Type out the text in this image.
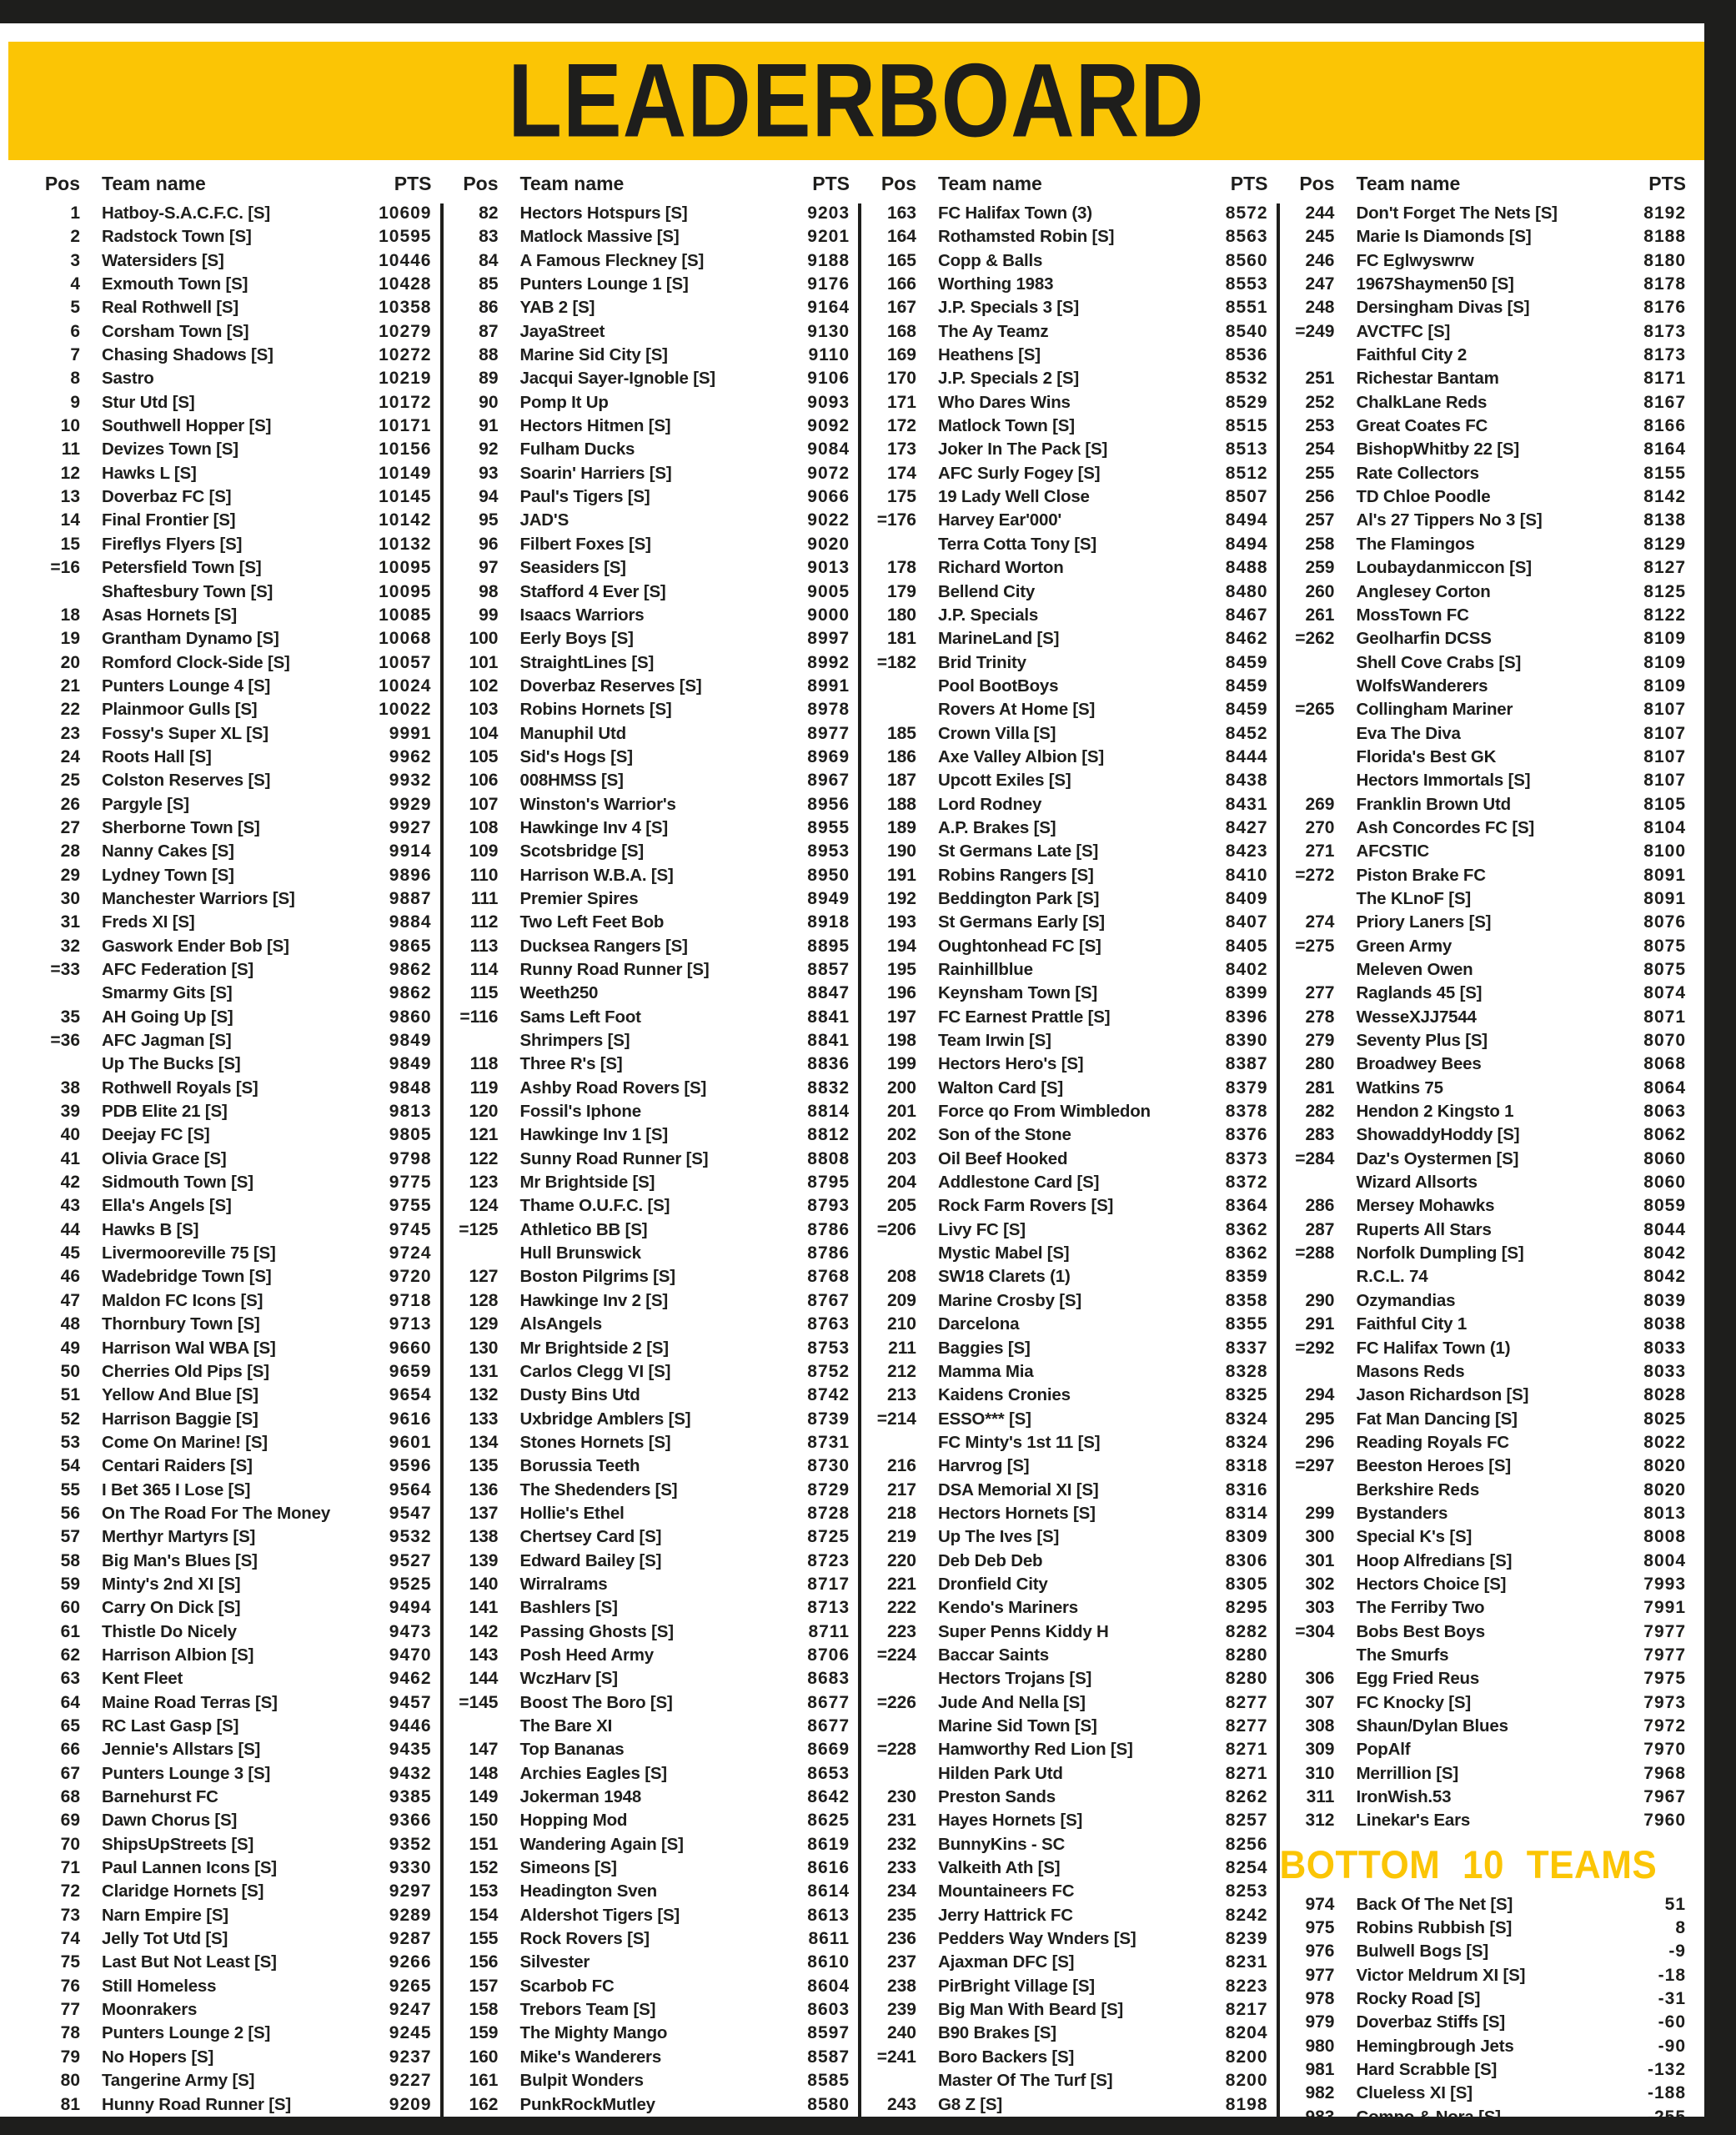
LEADERBOARD
Pos	Team name	PTS
1	Hatboy-S.A.C.F.C. [S]	10609
2	Radstock Town [S]	10595
3	Watersiders [S]	10446
4	Exmouth Town [S]	10428
5	Real Rothwell [S]	10358
6	Corsham Town [S]	10279
7	Chasing Shadows [S]	10272
8	Sastro	10219
9	Stur Utd [S]	10172
10	Southwell Hopper [S]	10171
11	Devizes Town [S]	10156
12	Hawks L [S]	10149
13	Doverbaz FC [S]	10145
14	Final Frontier [S]	10142
15	Fireflys Flyers [S]	10132
=16	Petersfield Town [S]	10095
Shaftesbury Town [S]	10095
18	Asas Hornets [S]	10085
19	Grantham Dynamo [S]	10068
20	Romford Clock-Side [S]	10057
21	Punters Lounge 4 [S]	10024
22	Plainmoor Gulls [S]	10022
23	Fossy's Super XL [S]	9991
24	Roots Hall [S]	9962
25	Colston Reserves [S]	9932
26	Pargyle [S]	9929
27	Sherborne Town [S]	9927
28	Nanny Cakes [S]	9914
29	Lydney Town [S]	9896
30	Manchester Warriors [S]	9887
31	Freds XI [S]	9884
32	Gaswork Ender Bob [S]	9865
=33	AFC Federation [S]	9862
Smarmy Gits [S]	9862
35	AH Going Up [S]	9860
=36	AFC Jagman [S]	9849
Up The Bucks [S]	9849
38	Rothwell Royals [S]	9848
39	PDB Elite 21 [S]	9813
40	Deejay FC [S]	9805
41	Olivia Grace [S]	9798
42	Sidmouth Town [S]	9775
43	Ella's Angels [S]	9755
44	Hawks B [S]	9745
45	Livermooreville 75 [S]	9724
46	Wadebridge Town [S]	9720
47	Maldon FC Icons [S]	9718
48	Thornbury Town [S]	9713
49	Harrison Wal WBA [S]	9660
50	Cherries Old Pips [S]	9659
51	Yellow And Blue [S]	9654
52	Harrison Baggie [S]	9616
53	Come On Marine! [S]	9601
54	Centari Raiders [S]	9596
55	I Bet 365 I Lose [S]	9564
56	On The Road For The Money	9547
57	Merthyr Martyrs [S]	9532
58	Big Man's Blues [S]	9527
59	Minty's 2nd XI [S]	9525
60	Carry On Dick [S]	9494
61	Thistle Do Nicely	9473
62	Harrison Albion [S]	9470
63	Kent Fleet	9462
64	Maine Road Terras [S]	9457
65	RC Last Gasp [S]	9446
66	Jennie's Allstars [S]	9435
67	Punters Lounge 3 [S]	9432
68	Barnehurst FC	9385
69	Dawn Chorus [S]	9366
70	ShipsUpStreets [S]	9352
71	Paul Lannen Icons [S]	9330
72	Claridge Hornets [S]	9297
73	Narn Empire [S]	9289
74	Jelly Tot Utd [S]	9287
75	Last But Not Least [S]	9266
76	Still Homeless	9265
77	Moonrakers	9247
78	Punters Lounge 2 [S]	9245
79	No Hopers [S]	9237
80	Tangerine Army [S]	9227
81	Hunny Road Runner [S]	9209
Pos	Team name	PTS
82	Hectors Hotspurs [S]	9203
83	Matlock Massive [S]	9201
84	A Famous Fleckney [S]	9188
85	Punters Lounge 1 [S]	9176
86	YAB 2 [S]	9164
87	JayaStreet	9130
88	Marine Sid City [S]	9110
89	Jacqui Sayer-Ignoble [S]	9106
90	Pomp It Up	9093
91	Hectors Hitmen [S]	9092
92	Fulham Ducks	9084
93	Soarin' Harriers [S]	9072
94	Paul's Tigers [S]	9066
95	JAD'S	9022
96	Filbert Foxes [S]	9020
97	Seasiders [S]	9013
98	Stafford 4 Ever [S]	9005
99	Isaacs Warriors	9000
100	Eerly Boys [S]	8997
101	StraightLines [S]	8992
102	Doverbaz Reserves [S]	8991
103	Robins Hornets [S]	8978
104	Manuphil Utd	8977
105	Sid's Hogs [S]	8969
106	008HMSS [S]	8967
107	Winston's Warrior's	8956
108	Hawkinge Inv 4 [S]	8955
109	Scotsbridge [S]	8953
110	Harrison W.B.A. [S]	8950
111	Premier Spires	8949
112	Two Left Feet Bob	8918
113	Ducksea Rangers [S]	8895
114	Runny Road Runner [S]	8857
115	Weeth250	8847
=116	Sams Left Foot	8841
Shrimpers [S]	8841
118	Three R's [S]	8836
119	Ashby Road Rovers [S]	8832
120	Fossil's Iphone	8814
121	Hawkinge Inv 1 [S]	8812
122	Sunny Road Runner [S]	8808
123	Mr Brightside [S]	8795
124	Thame O.U.F.C. [S]	8793
=125	Athletico BB [S]	8786
Hull Brunswick	8786
127	Boston Pilgrims [S]	8768
128	Hawkinge Inv 2 [S]	8767
129	AlsAngels	8763
130	Mr Brightside 2 [S]	8753
131	Carlos Clegg VI [S]	8752
132	Dusty Bins Utd	8742
133	Uxbridge Amblers [S]	8739
134	Stones Hornets [S]	8731
135	Borussia Teeth	8730
136	The Shedenders [S]	8729
137	Hollie's Ethel	8728
138	Chertsey Card [S]	8725
139	Edward Bailey [S]	8723
140	Wirralrams	8717
141	Bashlers [S]	8713
142	Passing Ghosts [S]	8711
143	Posh Heed Army	8706
144	WczHarv [S]	8683
=145	Boost The Boro [S]	8677
The Bare XI	8677
147	Top Bananas	8669
148	Archies Eagles [S]	8653
149	Jokerman 1948	8642
150	Hopping Mod	8625
151	Wandering Again [S]	8619
152	Simeons [S]	8616
153	Headington Sven	8614
154	Aldershot Tigers [S]	8613
155	Rock Rovers [S]	8611
156	Silvester	8610
157	Scarbob FC	8604
158	Trebors Team [S]	8603
159	The Mighty Mango	8597
160	Mike's Wanderers	8587
161	Bulpit Wonders	8585
162	PunkRockMutley	8580
Pos	Team name	PTS
163	FC Halifax Town (3)	8572
164	Rothamsted Robin [S]	8563
165	Copp & Balls	8560
166	Worthing 1983	8553
167	J.P. Specials 3 [S]	8551
168	The Ay Teamz	8540
169	Heathens [S]	8536
170	J.P. Specials 2 [S]	8532
171	Who Dares Wins	8529
172	Matlock Town [S]	8515
173	Joker In The Pack [S]	8513
174	AFC Surly Fogey [S]	8512
175	19 Lady Well Close	8507
=176	Harvey Ear'000'	8494
Terra Cotta Tony [S]	8494
178	Richard Worton	8488
179	Bellend City	8480
180	J.P. Specials	8467
181	MarineLand [S]	8462
=182	Brid Trinity	8459
Pool BootBoys	8459
Rovers At Home [S]	8459
185	Crown Villa [S]	8452
186	Axe Valley Albion [S]	8444
187	Upcott Exiles [S]	8438
188	Lord Rodney	8431
189	A.P. Brakes [S]	8427
190	St Germans Late [S]	8423
191	Robins Rangers [S]	8410
192	Beddington Park [S]	8409
193	St Germans Early [S]	8407
194	Oughtonhead FC [S]	8405
195	Rainhillblue	8402
196	Keynsham Town [S]	8399
197	FC Earnest Prattle [S]	8396
198	Team Irwin [S]	8390
199	Hectors Hero's [S]	8387
200	Walton Card [S]	8379
201	Force qo From Wimbledon	8378
202	Son of the Stone	8376
203	Oil Beef Hooked	8373
204	Addlestone Card [S]	8372
205	Rock Farm Rovers [S]	8364
=206	Livy FC [S]	8362
Mystic Mabel [S]	8362
208	SW18 Clarets (1)	8359
209	Marine Crosby [S]	8358
210	Darcelona	8355
211	Baggies [S]	8337
212	Mamma Mia	8328
213	Kaidens Cronies	8325
=214	ESSO*** [S]	8324
FC Minty's 1st 11 [S]	8324
216	Harvrog [S]	8318
217	DSA Memorial XI [S]	8316
218	Hectors Hornets [S]	8314
219	Up The Ives [S]	8309
220	Deb Deb Deb	8306
221	Dronfield City	8305
222	Kendo's Mariners	8295
223	Super Penns Kiddy H	8282
=224	Baccar Saints	8280
Hectors Trojans [S]	8280
=226	Jude And Nella [S]	8277
Marine Sid Town [S]	8277
=228	Hamworthy Red Lion [S]	8271
Hilden Park Utd	8271
230	Preston Sands	8262
231	Hayes Hornets [S]	8257
232	BunnyKins - SC	8256
233	Valkeith Ath [S]	8254
234	Mountaineers FC	8253
235	Jerry Hattrick FC	8242
236	Pedders Way Wnders [S]	8239
237	Ajaxman DFC [S]	8231
238	PirBright Village [S]	8223
239	Big Man With Beard [S]	8217
240	B90 Brakes [S]	8204
=241	Boro Backers [S]	8200
Master Of The Turf [S]	8200
243	G8 Z [S]	8198
Pos	Team name	PTS
244	Don't Forget The Nets [S]	8192
245	Marie Is Diamonds [S]	8188
246	FC Eglwyswrw	8180
247	1967Shaymen50 [S]	8178
248	Dersingham Divas [S]	8176
=249	AVCTFC [S]	8173
Faithful City 2	8173
251	Richestar Bantam	8171
252	ChalkLane Reds	8167
253	Great Coates FC	8166
254	BishopWhitby 22 [S]	8164
255	Rate Collectors	8155
256	TD Chloe Poodle	8142
257	Al's 27 Tippers No 3 [S]	8138
258	The Flamingos	8129
259	Loubaydanmiccon [S]	8127
260	Anglesey Corton	8125
261	MossTown FC	8122
=262	Geolharfin DCSS	8109
Shell Cove Crabs [S]	8109
WolfsWanderers	8109
=265	Collingham Mariner	8107
Eva The Diva	8107
Florida's Best GK	8107
Hectors Immortals [S]	8107
269	Franklin Brown Utd	8105
270	Ash Concordes FC [S]	8104
271	AFCSTIC	8100
=272	Piston Brake FC	8091
The KLnoF [S]	8091
274	Priory Laners [S]	8076
=275	Green Army	8075
Meleven Owen	8075
277	Raglands 45 [S]	8074
278	WesseXJJ7544	8071
279	Seventy Plus [S]	8070
280	Broadwey Bees	8068
281	Watkins 75	8064
282	Hendon 2 Kingsto 1	8063
283	ShowaddyHoddy [S]	8062
=284	Daz's Oystermen [S]	8060
Wizard Allsorts	8060
286	Mersey Mohawks	8059
287	Ruperts All Stars	8044
=288	Norfolk Dumpling [S]	8042
R.C.L. 74	8042
290	Ozymandias	8039
291	Faithful City 1	8038
=292	FC Halifax Town (1)	8033
Masons Reds	8033
294	Jason Richardson [S]	8028
295	Fat Man Dancing [S]	8025
296	Reading Royals FC	8022
=297	Beeston Heroes [S]	8020
Berkshire Reds	8020
299	Bystanders	8013
300	Special K's [S]	8008
301	Hoop Alfredians [S]	8004
302	Hectors Choice [S]	7993
303	The Ferriby Two	7991
=304	Bobs Best Boys	7977
The Smurfs	7977
306	Egg Fried Reus	7975
307	FC Knocky [S]	7973
308	Shaun/Dylan Blues	7972
309	PopAlf	7970
310	Merrillion [S]	7968
311	IronWish.53	7967
312	Linekar's Ears	7960
BOTTOM 10 TEAMS
974	Back Of The Net [S]	51
975	Robins Rubbish [S]	8
976	Bulwell Bogs [S]	-9
977	Victor Meldrum XI [S]	-18
978	Rocky Road [S]	-31
979	Doverbaz Stiffs [S]	-60
980	Hemingbrough Jets	-90
981	Hard Scrabble [S]	-132
982	Clueless XI [S]	-188
